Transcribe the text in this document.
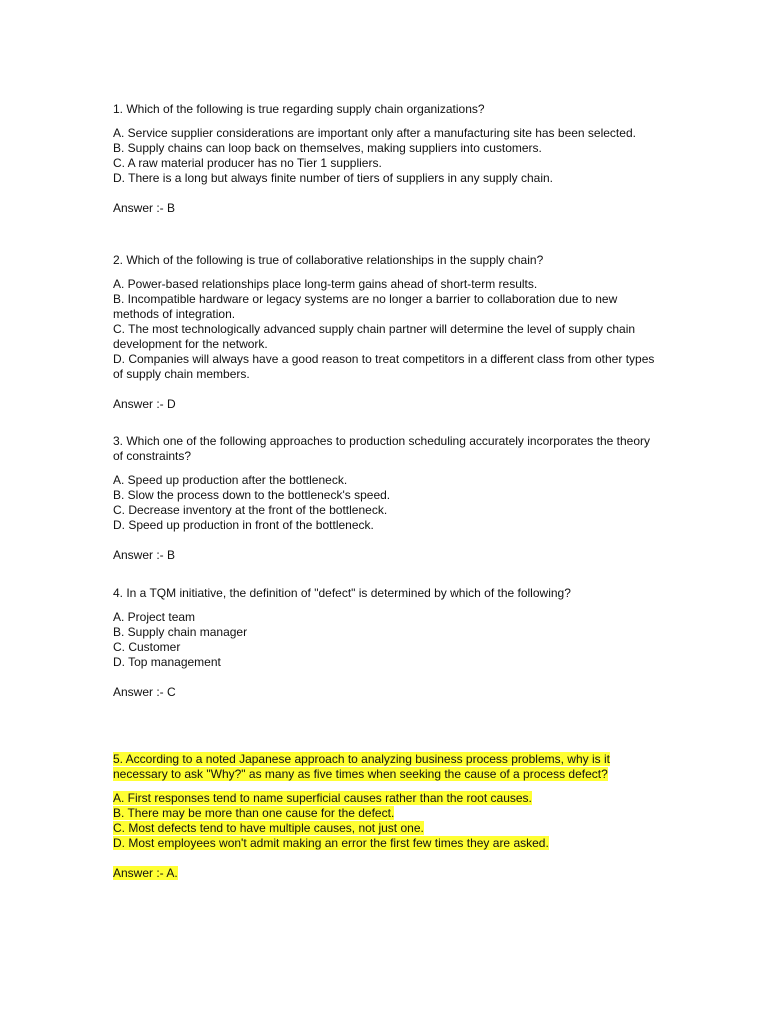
1. Which of the following is true regarding supply chain organizations?

A. Service supplier considerations are important only after a manufacturing site has been selected.

B. Supply chains can loop back on themselves, making suppliers into customers.

C. A raw material producer has no Tier 1 suppliers.

D. There is a long but always finite number of tiers of suppliers in any supply chain.

Answer :- B

2. Which of the following is true of collaborative relationships in the supply chain?

A. Power-based relationships place long-term gains ahead of short-term results.

B. Incompatible hardware or legacy systems are no longer a barrier to collaboration due to new methods of integration.

C. The most technologically advanced supply chain partner will determine the level of supply chain development for the network.

D. Companies will always have a good reason to treat competitors in a different class from other types of supply chain members.

Answer :- D

3. Which one of the following approaches to production scheduling accurately incorporates the theory of constraints?

A. Speed up production after the bottleneck.

B. Slow the process down to the bottleneck's speed.

C. Decrease inventory at the front of the bottleneck.

D. Speed up production in front of the bottleneck.

Answer :- B

4. In a TQM initiative, the definition of "defect" is determined by which of the following?

A. Project team

B. Supply chain manager

C. Customer

D. Top management

Answer :- C

5. According to a noted Japanese approach to analyzing business process problems, why is it necessary to ask "Why?" as many as five times when seeking the cause of a process defect?

A. First responses tend to name superficial causes rather than the root causes.

B. There may be more than one cause for the defect.

C. Most defects tend to have multiple causes, not just one.

D. Most employees won't admit making an error the first few times they are asked.

Answer :- A.
